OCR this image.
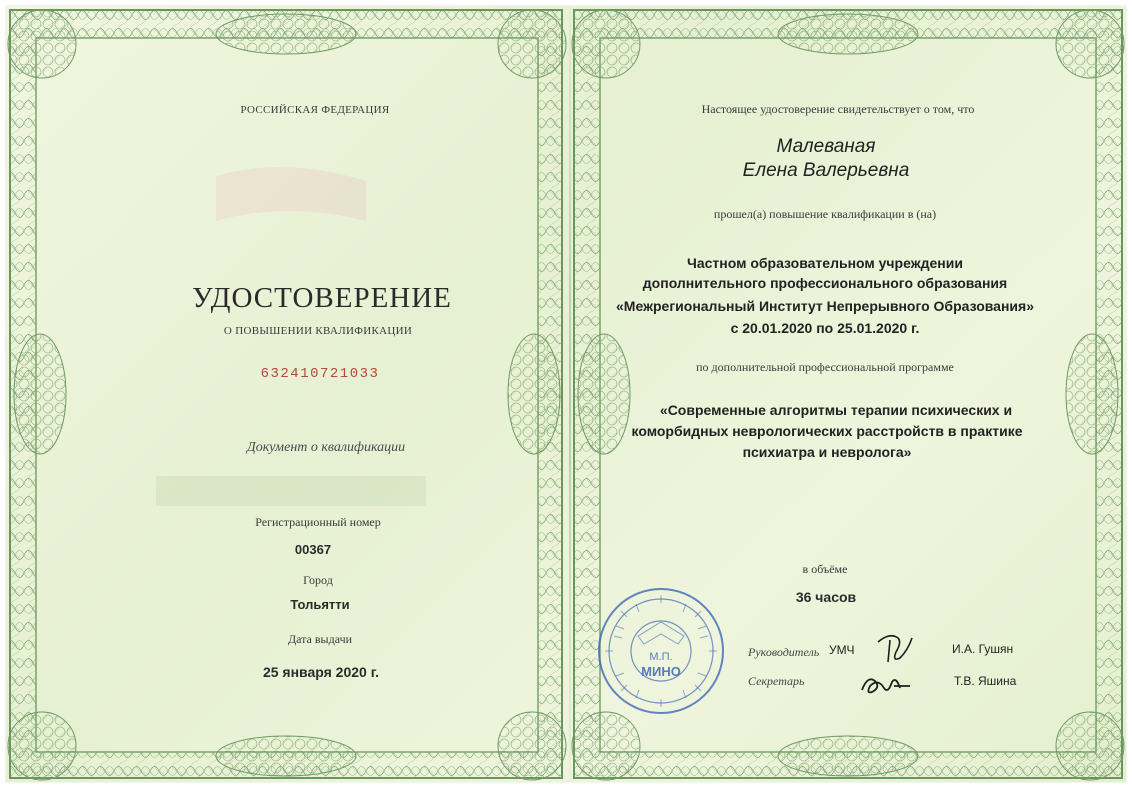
РОССИЙСКАЯ ФЕДЕРАЦИЯ
УДОСТОВЕРЕНИЕ
О ПОВЫШЕНИИ КВАЛИФИКАЦИИ
632410721033
Документ о квалификации
Регистрационный номер
00367
Город
Тольятти
Дата выдачи
25 января 2020 г.
Настоящее удостоверение свидетельствует о том, что
Малеваная
Елена Валерьевна
прошел(а) повышение квалификации в (на)
Частном образовательном учреждении
дополнительного профессионального образования
«Межрегиональный Институт Непрерывного Образования»
с 20.01.2020 по 25.01.2020 г.
по дополнительной профессиональной программе
«Современные алгоритмы терапии психических и
коморбидных неврологических расстройств в практике
психиатра и невролога»
в объёме
36 часов
Руководитель УМЧ	И.А. Гушян
Секретарь	Т.В. Яшина
М.П.
МИНО
